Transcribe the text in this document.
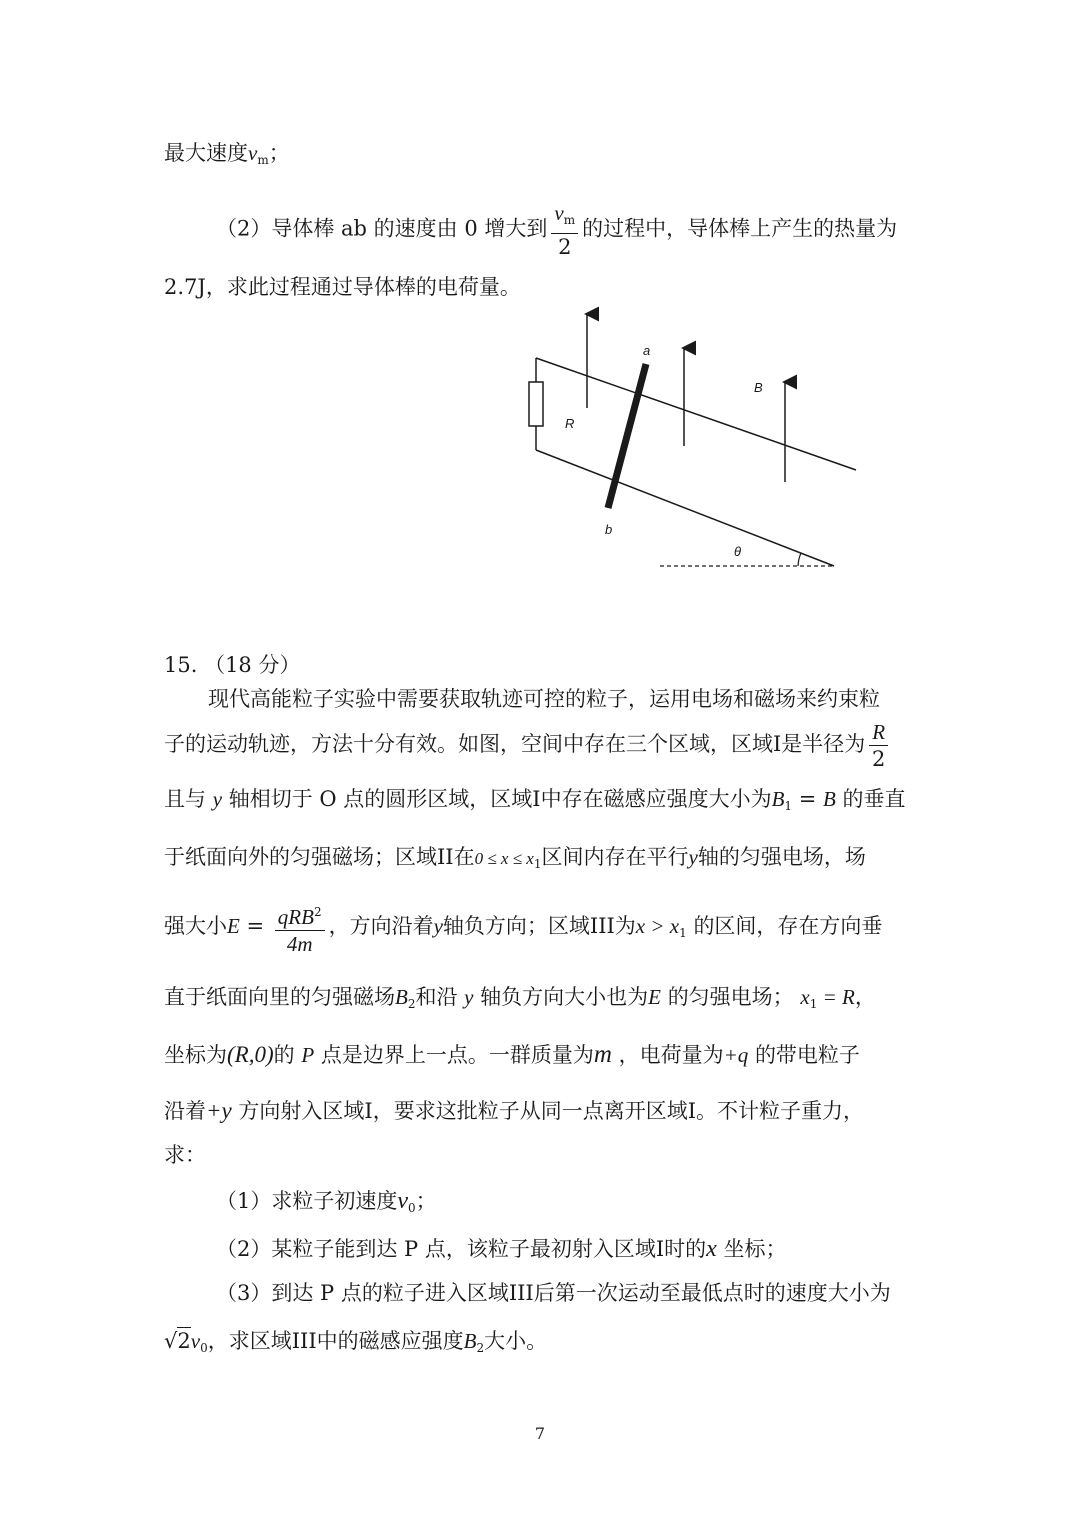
最大速度$v_m$；
（2）导体棒 ab 的速度由 0 增大到 $\frac{v_m}{2}$ 的过程中，导体棒上产生的热量为
2.7J，求此过程通过导体棒的电荷量。
R
a
b
B
θ
15. （18 分）
现代高能粒子实验中需要获取轨迹可控的粒子，运用电场和磁场来约束粒
子的运动轨迹，方法十分有效。如图，空间中存在三个区域，区域I是半径为 $\frac{R}{2}$
且与 y 轴相切于 O 点的圆形区域，区域I中存在磁感应强度大小为$B_1 = B$ 的垂直
于纸面向外的匀强磁场；区域II在$0 \le x \le x_1$区间内存在平行y轴的匀强电场，场
强大小$E = \frac{qRB^2}{4m}$ ，方向沿着y轴负方向；区域III为$x > x_1$ 的区间，存在方向垂
直于纸面向里的匀强磁场$B_2$和沿 y 轴负方向大小也为E 的匀强电场； $x_1 = R$，
坐标为(R,0)的 P 点是边界上一点。一群质量为m ，电荷量为+q 的带电粒子
沿着+y 方向射入区域I，要求这批粒子从同一点离开区域I。不计粒子重力，
求：
（1）求粒子初速度$v_0$；
（2）某粒子能到达 P 点，该粒子最初射入区域I时的x 坐标；
（3）到达 P 点的粒子进入区域III后第一次运动至最低点时的速度大小为
$√2v_0$，求区域III中的磁感应强度$B_2$大小。
7
